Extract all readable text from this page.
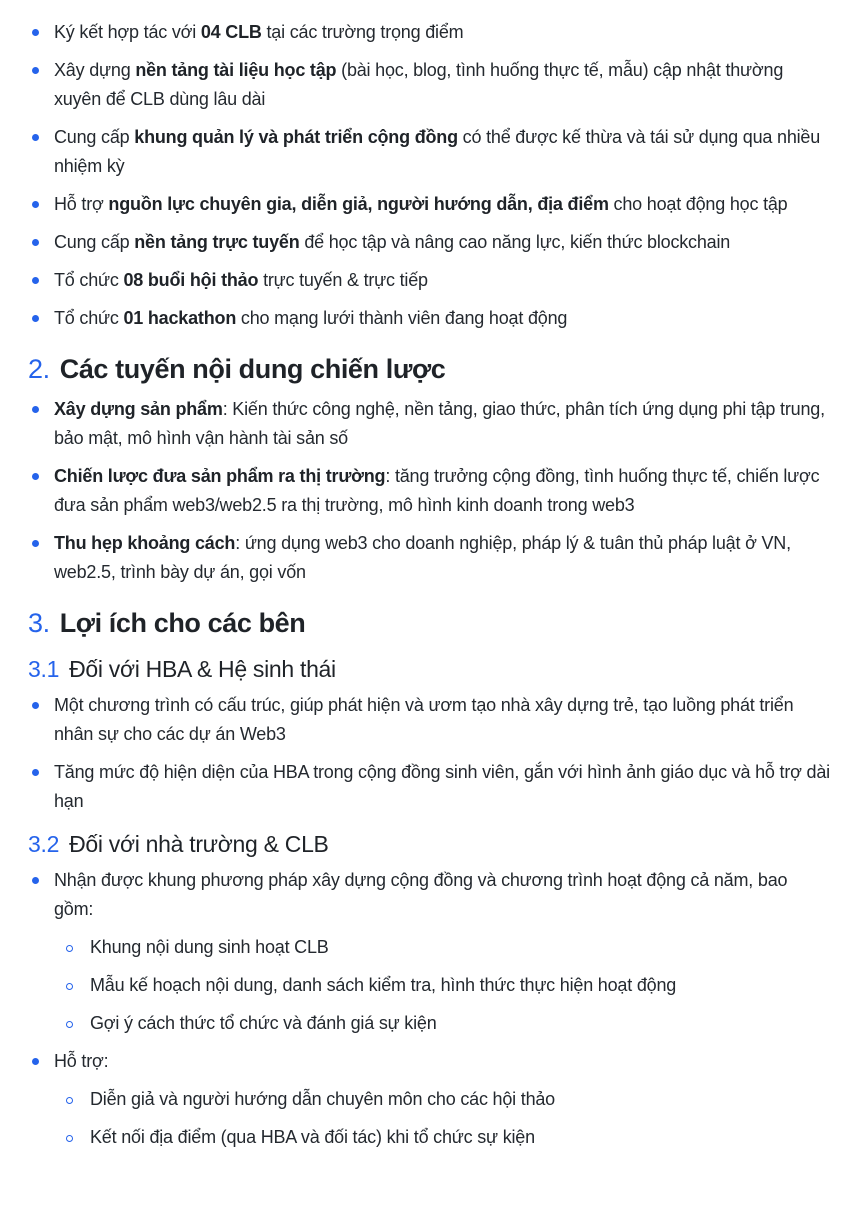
Ký kết hợp tác với 04 CLB tại các trường trọng điểm
Xây dựng nền tảng tài liệu học tập (bài học, blog, tình huống thực tế, mẫu) cập nhật thường xuyên để CLB dùng lâu dài
Cung cấp khung quản lý và phát triển cộng đồng có thể được kế thừa và tái sử dụng qua nhiều nhiệm kỳ
Hỗ trợ nguồn lực chuyên gia, diễn giả, người hướng dẫn, địa điểm cho hoạt động học tập
Cung cấp nền tảng trực tuyến để học tập và nâng cao năng lực, kiến thức blockchain
Tổ chức 08 buổi hội thảo trực tuyến & trực tiếp
Tổ chức 01 hackathon cho mạng lưới thành viên đang hoạt động
2. Các tuyến nội dung chiến lược
Xây dựng sản phẩm: Kiến thức công nghệ, nền tảng, giao thức, phân tích ứng dụng phi tập trung, bảo mật, mô hình vận hành tài sản số
Chiến lược đưa sản phẩm ra thị trường: tăng trưởng cộng đồng, tình huống thực tế, chiến lược đưa sản phẩm web3/web2.5 ra thị trường, mô hình kinh doanh trong web3
Thu hẹp khoảng cách: ứng dụng web3 cho doanh nghiệp, pháp lý & tuân thủ pháp luật ở VN, web2.5, trình bày dự án, gọi vốn
3. Lợi ích cho các bên
3.1 Đối với HBA & Hệ sinh thái
Một chương trình có cấu trúc, giúp phát hiện và ươm tạo nhà xây dựng trẻ, tạo luồng phát triển nhân sự cho các dự án Web3
Tăng mức độ hiện diện của HBA trong cộng đồng sinh viên, gắn với hình ảnh giáo dục và hỗ trợ dài hạn
3.2 Đối với nhà trường & CLB
Nhận được khung phương pháp xây dựng cộng đồng và chương trình hoạt động cả năm, bao gồm:
Khung nội dung sinh hoạt CLB
Mẫu kế hoạch nội dung, danh sách kiểm tra, hình thức thực hiện hoạt động
Gợi ý cách thức tổ chức và đánh giá sự kiện
Hỗ trợ:
Diễn giả và người hướng dẫn chuyên môn cho các hội thảo
Kết nối địa điểm (qua HBA và đối tác) khi tổ chức sự kiện
